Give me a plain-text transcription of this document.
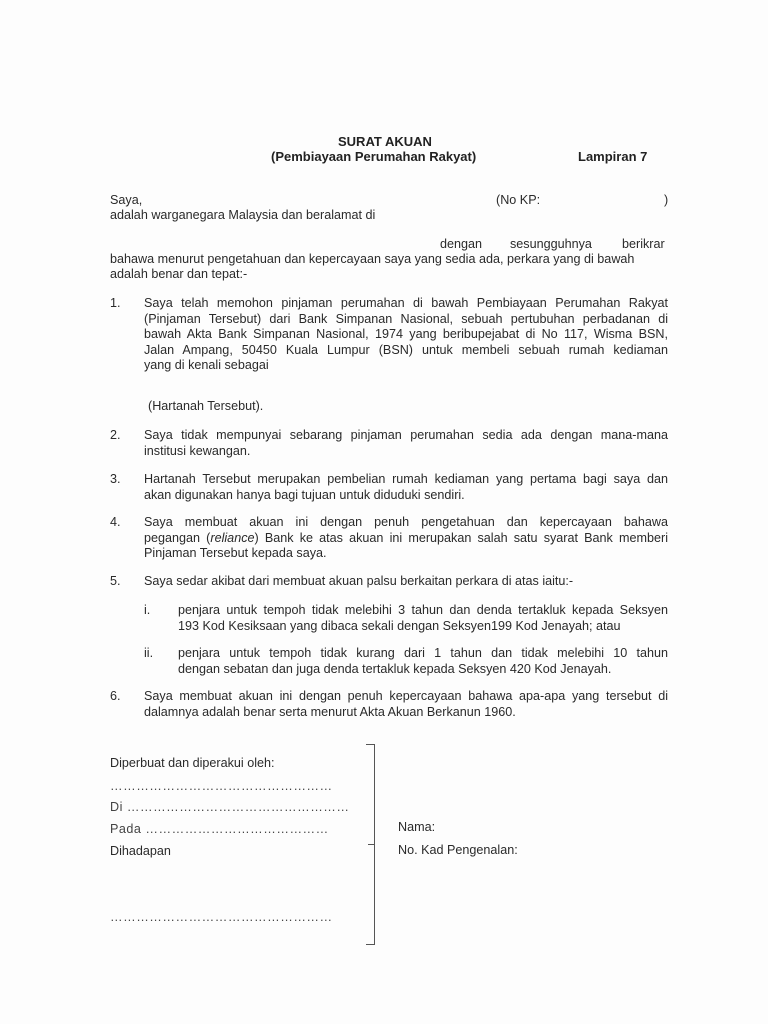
SURAT AKUAN
(Pembiayaan Perumahan Rakyat)	Lampiran 7
Saya,	(No KP:	)
adalah warganegara Malaysia dan beralamat di
dengan sesungguhnya berikrar
bahawa menurut pengetahuan dan kepercayaan saya yang sedia ada, perkara yang di bawah
adalah benar dan tepat:-
1. Saya telah memohon pinjaman perumahan di bawah Pembiayaan Perumahan Rakyat
(Pinjaman Tersebut) dari Bank Simpanan Nasional, sebuah pertubuhan perbadanan di
bawah Akta Bank Simpanan Nasional, 1974 yang beribupejabat di No 117, Wisma BSN,
Jalan Ampang, 50450 Kuala Lumpur (BSN) untuk membeli sebuah rumah kediaman
yang di kenali sebagai
(Hartanah Tersebut).
2. Saya tidak mempunyai sebarang pinjaman perumahan sedia ada dengan mana-mana
institusi kewangan.
3. Hartanah Tersebut merupakan pembelian rumah kediaman yang pertama bagi saya dan
akan digunakan hanya bagi tujuan untuk diduduki sendiri.
4. Saya membuat akuan ini dengan penuh pengetahuan dan kepercayaan bahawa
pegangan (reliance) Bank ke atas akuan ini merupakan salah satu syarat Bank memberi
Pinjaman Tersebut kepada saya.
5. Saya sedar akibat dari membuat akuan palsu berkaitan perkara di atas iaitu:-
i. penjara untuk tempoh tidak melebihi 3 tahun dan denda tertakluk kepada Seksyen
193 Kod Kesiksaan yang dibaca sekali dengan Seksyen199 Kod Jenayah; atau
ii. penjara untuk tempoh tidak kurang dari 1 tahun dan tidak melebihi 10 tahun
dengan sebatan dan juga denda tertakluk kepada Seksyen 420 Kod Jenayah.
6. Saya membuat akuan ini dengan penuh kepercayaan bahawa apa-apa yang tersebut di
dalamnya adalah benar serta menurut Akta Akuan Berkanun 1960.
Diperbuat dan diperakui oleh:
……………………………………………
Di ……………………………………………
Pada ……………………………………
Dihadapan
……………………………………………
Nama:
No. Kad Pengenalan:
